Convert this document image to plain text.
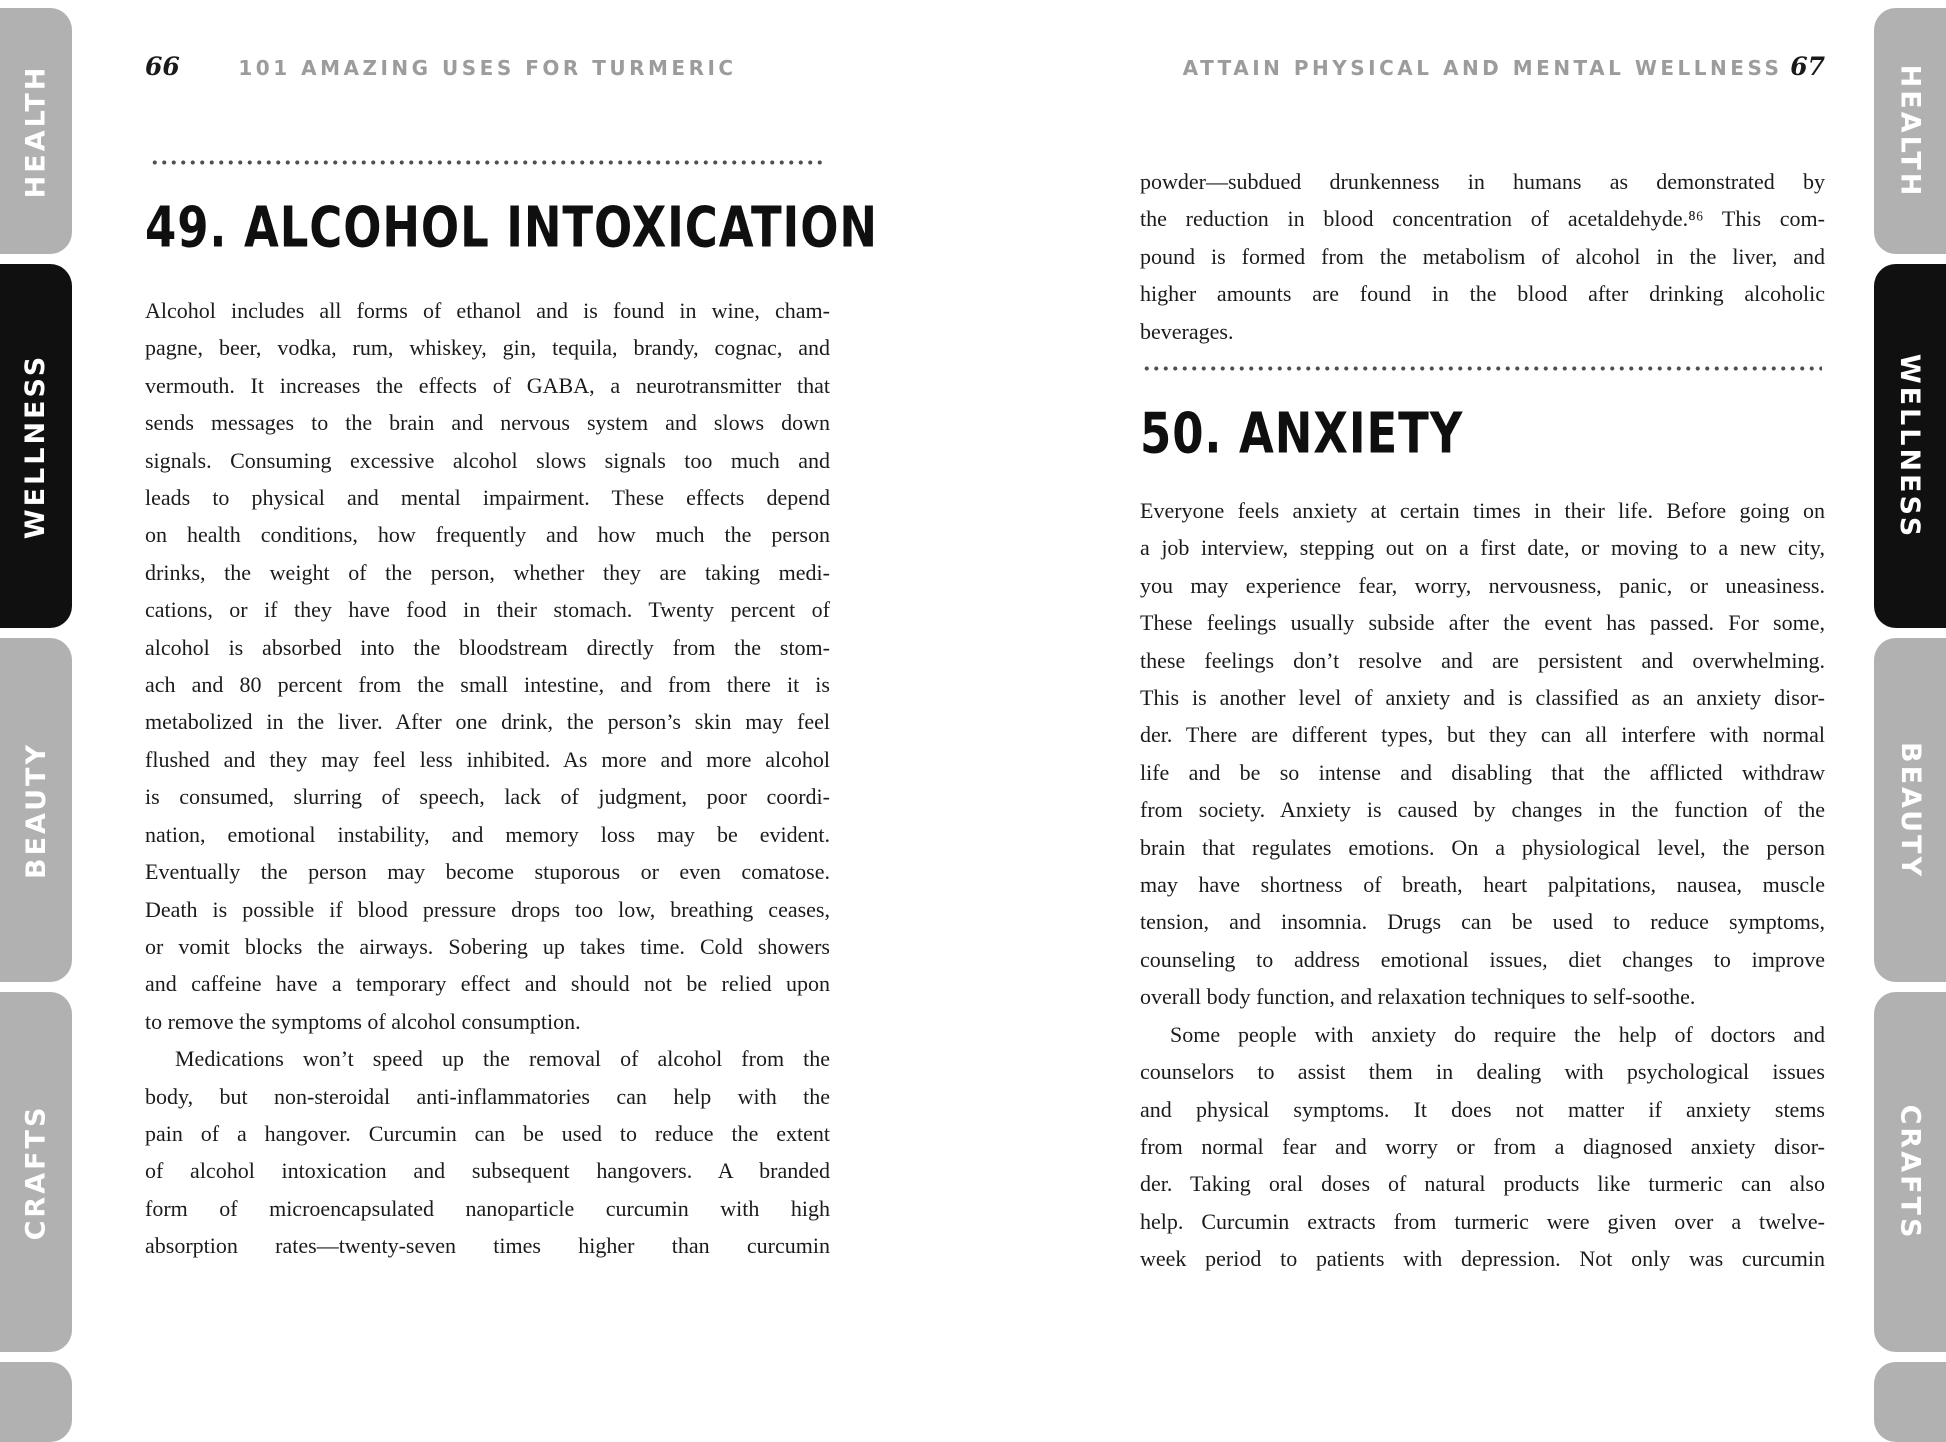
HEALTH
WELLNESS
BEAUTY
CRAFTS
HEALTH
WELLNESS
BEAUTY
CRAFTS
66	101 AMAZING USES FOR TURMERIC
49. ALCOHOL INTOXICATION
Alcohol includes all forms of ethanol and is found in wine, cham-
pagne, beer, vodka, rum, whiskey, gin, tequila, brandy, cognac, and
vermouth. It increases the effects of GABA, a neurotransmitter that
sends messages to the brain and nervous system and slows down
signals. Consuming excessive alcohol slows signals too much and
leads to physical and mental impairment. These effects depend
on health conditions, how frequently and how much the person
drinks, the weight of the person, whether they are taking medi-
cations, or if they have food in their stomach. Twenty percent of
alcohol is absorbed into the bloodstream directly from the stom-
ach and 80 percent from the small intestine, and from there it is
metabolized in the liver. After one drink, the person’s skin may feel
flushed and they may feel less inhibited. As more and more alcohol
is consumed, slurring of speech, lack of judgment, poor coordi-
nation, emotional instability, and memory loss may be evident.
Eventually the person may become stuporous or even comatose.
Death is possible if blood pressure drops too low, breathing ceases,
or vomit blocks the airways. Sobering up takes time. Cold showers
and caffeine have a temporary effect and should not be relied upon
to remove the symptoms of alcohol consumption.
Medications won’t speed up the removal of alcohol from the
body, but non-steroidal anti-inflammatories can help with the
pain of a hangover. Curcumin can be used to reduce the extent
of alcohol intoxication and subsequent hangovers. A branded
form of microencapsulated nanoparticle curcumin with high
absorption rates—twenty-seven times higher than curcumin
ATTAIN PHYSICAL AND MENTAL WELLNESS 67
powder—subdued drunkenness in humans as demonstrated by
the reduction in blood concentration of acetaldehyde.⁸⁶ This com-
pound is formed from the metabolism of alcohol in the liver, and
higher amounts are found in the blood after drinking alcoholic
beverages.
50. ANXIETY
Everyone feels anxiety at certain times in their life. Before going on
a job interview, stepping out on a first date, or moving to a new city,
you may experience fear, worry, nervousness, panic, or uneasiness.
These feelings usually subside after the event has passed. For some,
these feelings don’t resolve and are persistent and overwhelming.
This is another level of anxiety and is classified as an anxiety disor-
der. There are different types, but they can all interfere with normal
life and be so intense and disabling that the afflicted withdraw
from society. Anxiety is caused by changes in the function of the
brain that regulates emotions. On a physiological level, the person
may have shortness of breath, heart palpitations, nausea, muscle
tension, and insomnia. Drugs can be used to reduce symptoms,
counseling to address emotional issues, diet changes to improve
overall body function, and relaxation techniques to self-soothe.
Some people with anxiety do require the help of doctors and
counselors to assist them in dealing with psychological issues
and physical symptoms. It does not matter if anxiety stems
from normal fear and worry or from a diagnosed anxiety disor-
der. Taking oral doses of natural products like turmeric can also
help. Curcumin extracts from turmeric were given over a twelve-
week period to patients with depression. Not only was curcumin
